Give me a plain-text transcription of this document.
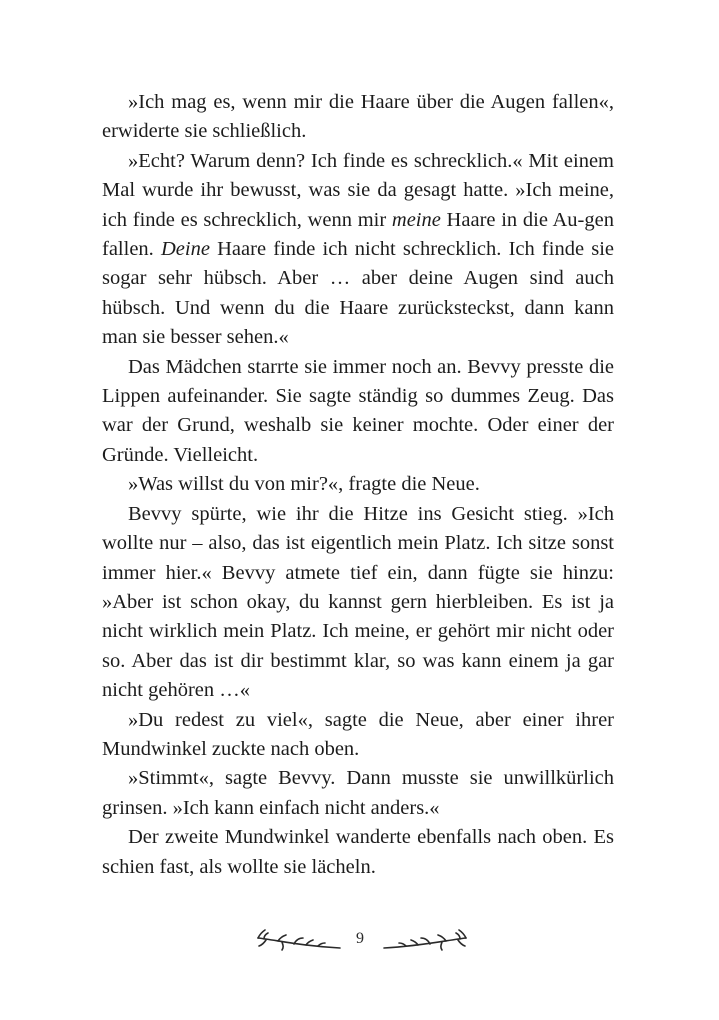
»Ich mag es, wenn mir die Haare über die Augen fallen«, erwiderte sie schließlich.

»Echt? Warum denn? Ich finde es schrecklich.« Mit einem Mal wurde ihr bewusst, was sie da gesagt hatte. »Ich meine, ich finde es schrecklich, wenn mir meine Haare in die Au-gen fallen. Deine Haare finde ich nicht schrecklich. Ich finde sie sogar sehr hübsch. Aber … aber deine Augen sind auch hübsch. Und wenn du die Haare zurücksteckst, dann kann man sie besser sehen.«

Das Mädchen starrte sie immer noch an. Bevvy presste die Lippen aufeinander. Sie sagte ständig so dummes Zeug. Das war der Grund, weshalb sie keiner mochte. Oder einer der Gründe. Vielleicht.

»Was willst du von mir?«, fragte die Neue.

Bevvy spürte, wie ihr die Hitze ins Gesicht stieg. »Ich wollte nur – also, das ist eigentlich mein Platz. Ich sitze sonst immer hier.« Bevvy atmete tief ein, dann fügte sie hinzu: »Aber ist schon okay, du kannst gern hierbleiben. Es ist ja nicht wirklich mein Platz. Ich meine, er gehört mir nicht oder so. Aber das ist dir bestimmt klar, so was kann einem ja gar nicht gehören …«

»Du redest zu viel«, sagte die Neue, aber einer ihrer Mundwinkel zuckte nach oben.

»Stimmt«, sagte Bevvy. Dann musste sie unwillkürlich grinsen. »Ich kann einfach nicht anders.«

Der zweite Mundwinkel wanderte ebenfalls nach oben. Es schien fast, als wollte sie lächeln.

9
